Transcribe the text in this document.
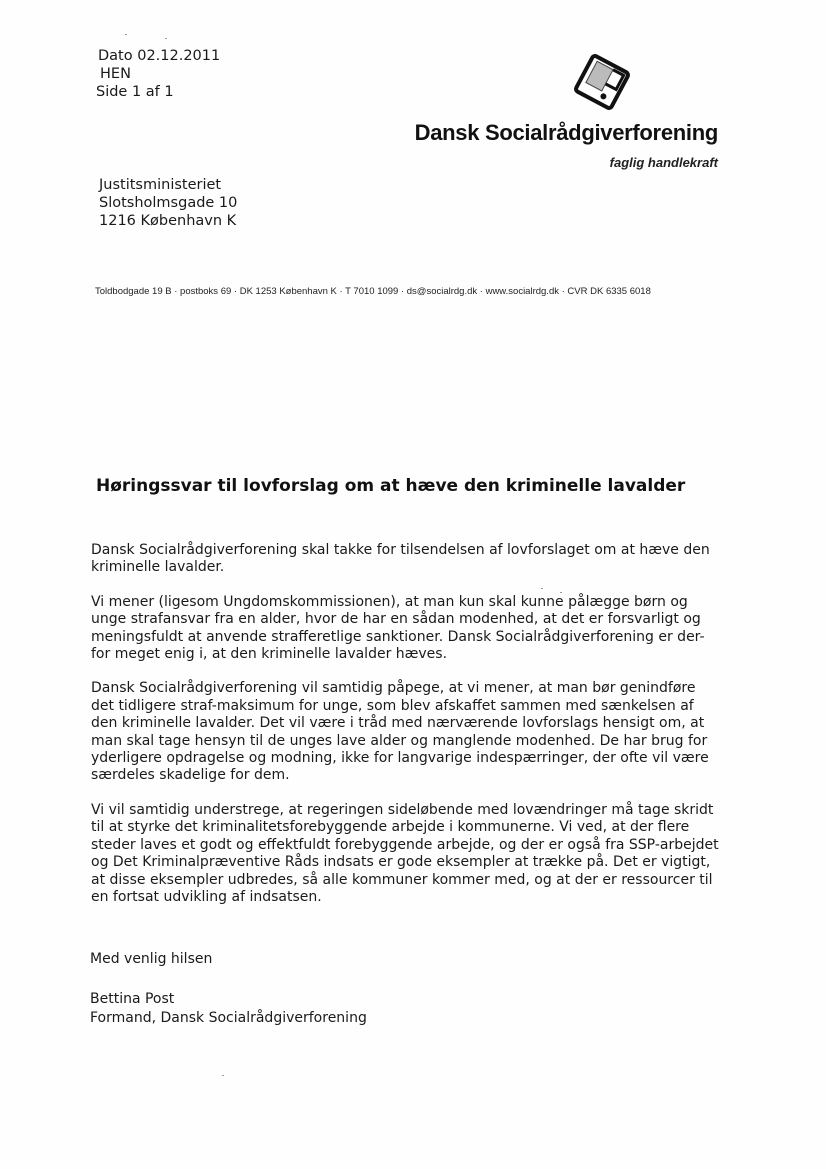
Dato 02.12.2011
HEN
Side 1 af 1
Dansk Socialrådgiverforening
faglig handlekraft
Justitsministeriet
Slotsholmsgade 10
1216 København K
Toldbodgade 19 B · postboks 69 · DK 1253 København K · T 7010 1099 · ds@socialrdg.dk · www.socialrdg.dk · CVR DK 6335 6018
Høringssvar til lovforslag om at hæve den kriminelle lavalder

Dansk Socialrådgiverforening skal takke for tilsendelsen af lovforslaget om at hæve den kriminelle lavalder.

Vi mener (ligesom Ungdomskommissionen), at man kun skal kunne pålægge børn og unge strafansvar fra en alder, hvor de har en sådan modenhed, at det er forsvarligt og meningsfuldt at anvende strafferetlige sanktioner. Dansk Socialrådgiverforening er der-for meget enig i, at den kriminelle lavalder hæves.

Dansk Socialrådgiverforening vil samtidig påpege, at vi mener, at man bør genindføre det tidligere straf-maksimum for unge, som blev afskaffet sammen med sænkelsen af den kriminelle lavalder. Det vil være i tråd med nærværende lovforslags hensigt om, at man skal tage hensyn til de unges lave alder og manglende modenhed. De har brug for yderligere opdragelse og modning, ikke for langvarige indespærringer, der ofte vil være særdeles skadelige for dem.

Vi vil samtidig understrege, at regeringen sideløbende med lovændringer må tage skridt til at styrke det kriminalitetsforebyggende arbejde i kommunerne. Vi ved, at der flere steder laves et godt og effektfuldt forebyggende arbejde, og der er også fra SSP-arbejdet og Det Kriminalpræventive Råds indsats er gode eksempler at trække på. Det er vigtigt, at disse eksempler udbredes, så alle kommuner kommer med, og at der er ressourcer til en fortsat udvikling af indsatsen.

Med venlig hilsen
Bettina Post
Formand, Dansk Socialrådgiverforening
